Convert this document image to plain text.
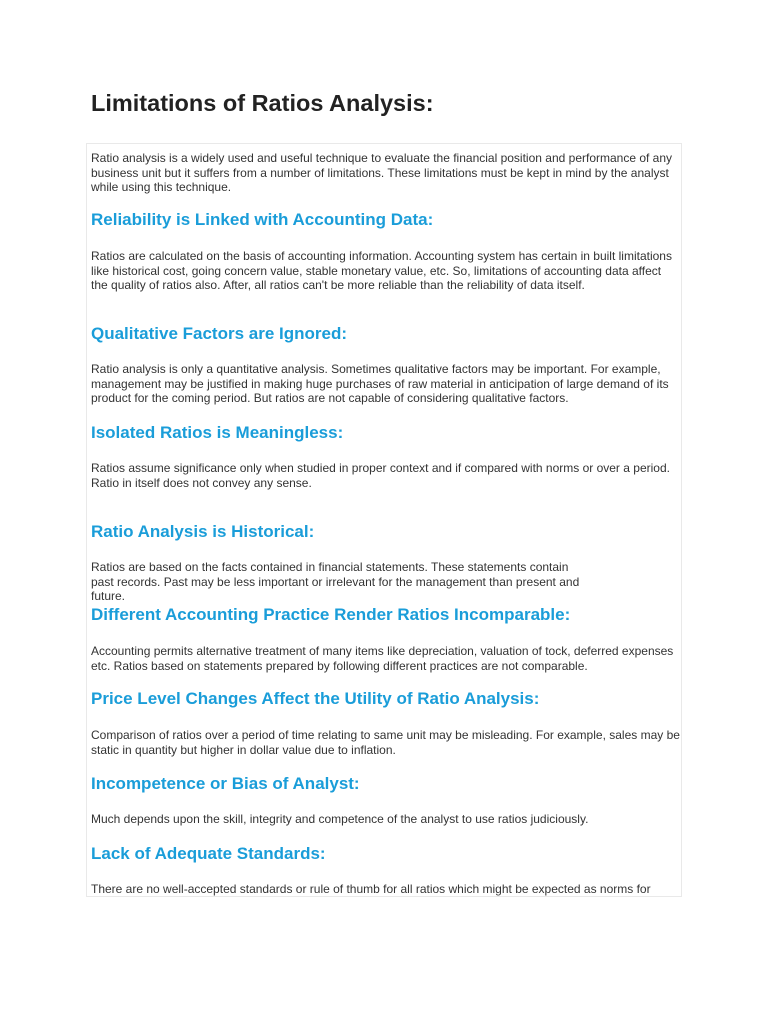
Limitations of Ratios Analysis:

Ratio analysis is a widely used and useful technique to evaluate the financial position and performance of any business unit but it suffers from a number of limitations. These limitations must be kept in mind by the analyst while using this technique.

Reliability is Linked with Accounting Data:

Ratios are calculated on the basis of accounting information. Accounting system has certain in built limitations like historical cost, going concern value, stable monetary value, etc. So, limitations of accounting data affect the quality of ratios also. After, all ratios can't be more reliable than the reliability of data itself.

Qualitative Factors are Ignored:

Ratio analysis is only a quantitative analysis. Sometimes qualitative factors may be important. For example, management may be justified in making huge purchases of raw material in anticipation of large demand of its product for the coming period. But ratios are not capable of considering qualitative factors.

Isolated Ratios is Meaningless:

Ratios assume significance only when studied in proper context and if compared with norms or over a period. Ratio in itself does not convey any sense.

Ratio Analysis is Historical:

Ratios are based on the facts contained in financial statements. These statements contain past records. Past may be less important or irrelevant for the management than present and future.

Different Accounting Practice Render Ratios Incomparable:

Accounting permits alternative treatment of many items like depreciation, valuation of tock, deferred expenses etc. Ratios based on statements prepared by following different practices are not comparable.

Price Level Changes Affect the Utility of Ratio Analysis:

Comparison of ratios over a period of time relating to same unit may be misleading. For example, sales may be static in quantity but higher in dollar value due to inflation.

Incompetence or Bias of Analyst:

Much depends upon the skill, integrity and competence of the analyst to use ratios judiciously.

Lack of Adequate Standards:

There are no well-accepted standards or rule of thumb for all ratios which might be expected as norms for
